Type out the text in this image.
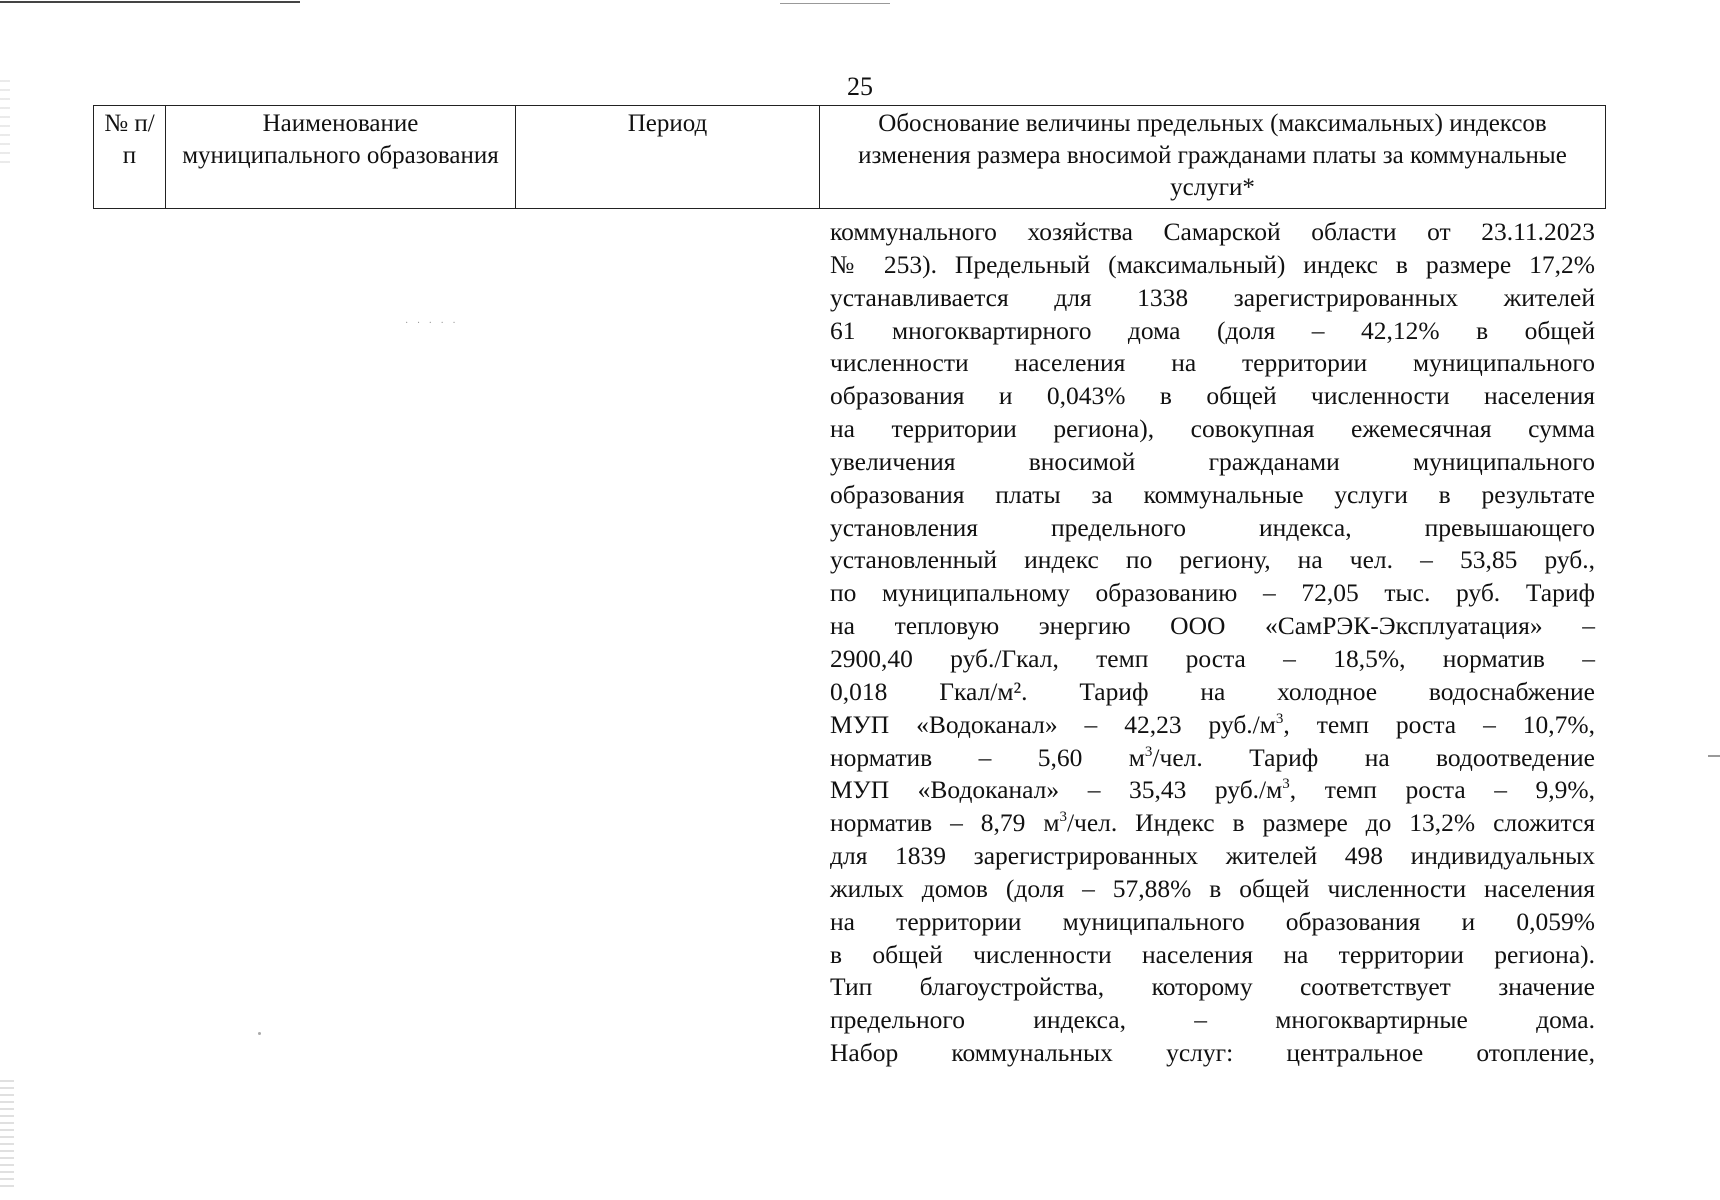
· · · · ·
25
№ п/п	Наименование муниципального образования	Период	Обоснование величины предельных (максимальных) индексов изменения размера вносимой гражданами платы за коммунальные услуги*
коммунального хозяйства Самарской области от 23.11.2023
№ 253). Предельный (максимальный) индекс в размере 17,2%
устанавливается для 1338 зарегистрированных жителей
61 многоквартирного дома (доля – 42,12% в общей
численности населения на территории муниципального
образования и 0,043% в общей численности населения
на территории региона), совокупная ежемесячная сумма
увеличения вносимой гражданами муниципального
образования платы за коммунальные услуги в результате
установления предельного индекса, превышающего
установленный индекс по региону, на чел. – 53,85 руб.,
по муниципальному образованию – 72,05 тыс. руб. Тариф
на тепловую энергию ООО «СамРЭК-Эксплуатация» –
2900,40 руб./Гкал, темп роста – 18,5%, норматив –
0,018 Гкал/м². Тариф на холодное водоснабжение
МУП «Водоканал» – 42,23 $руб./м^3$, темп роста – 10,7%,
норматив – 5,60 $м^3$/чел. Тариф на водоотведение
МУП «Водоканал» – 35,43 $руб./м^3$, темп роста – 9,9%,
норматив – 8,79 $м^3$/чел. Индекс в размере до 13,2% сложится
для 1839 зарегистрированных жителей 498 индивидуальных
жилых домов (доля – 57,88% в общей численности населения
на территории муниципального образования и 0,059%
в общей численности населения на территории региона).
Тип благоустройства, которому соответствует значение
предельного индекса, – многоквартирные дома.
Набор коммунальных услуг: центральное отопление,
